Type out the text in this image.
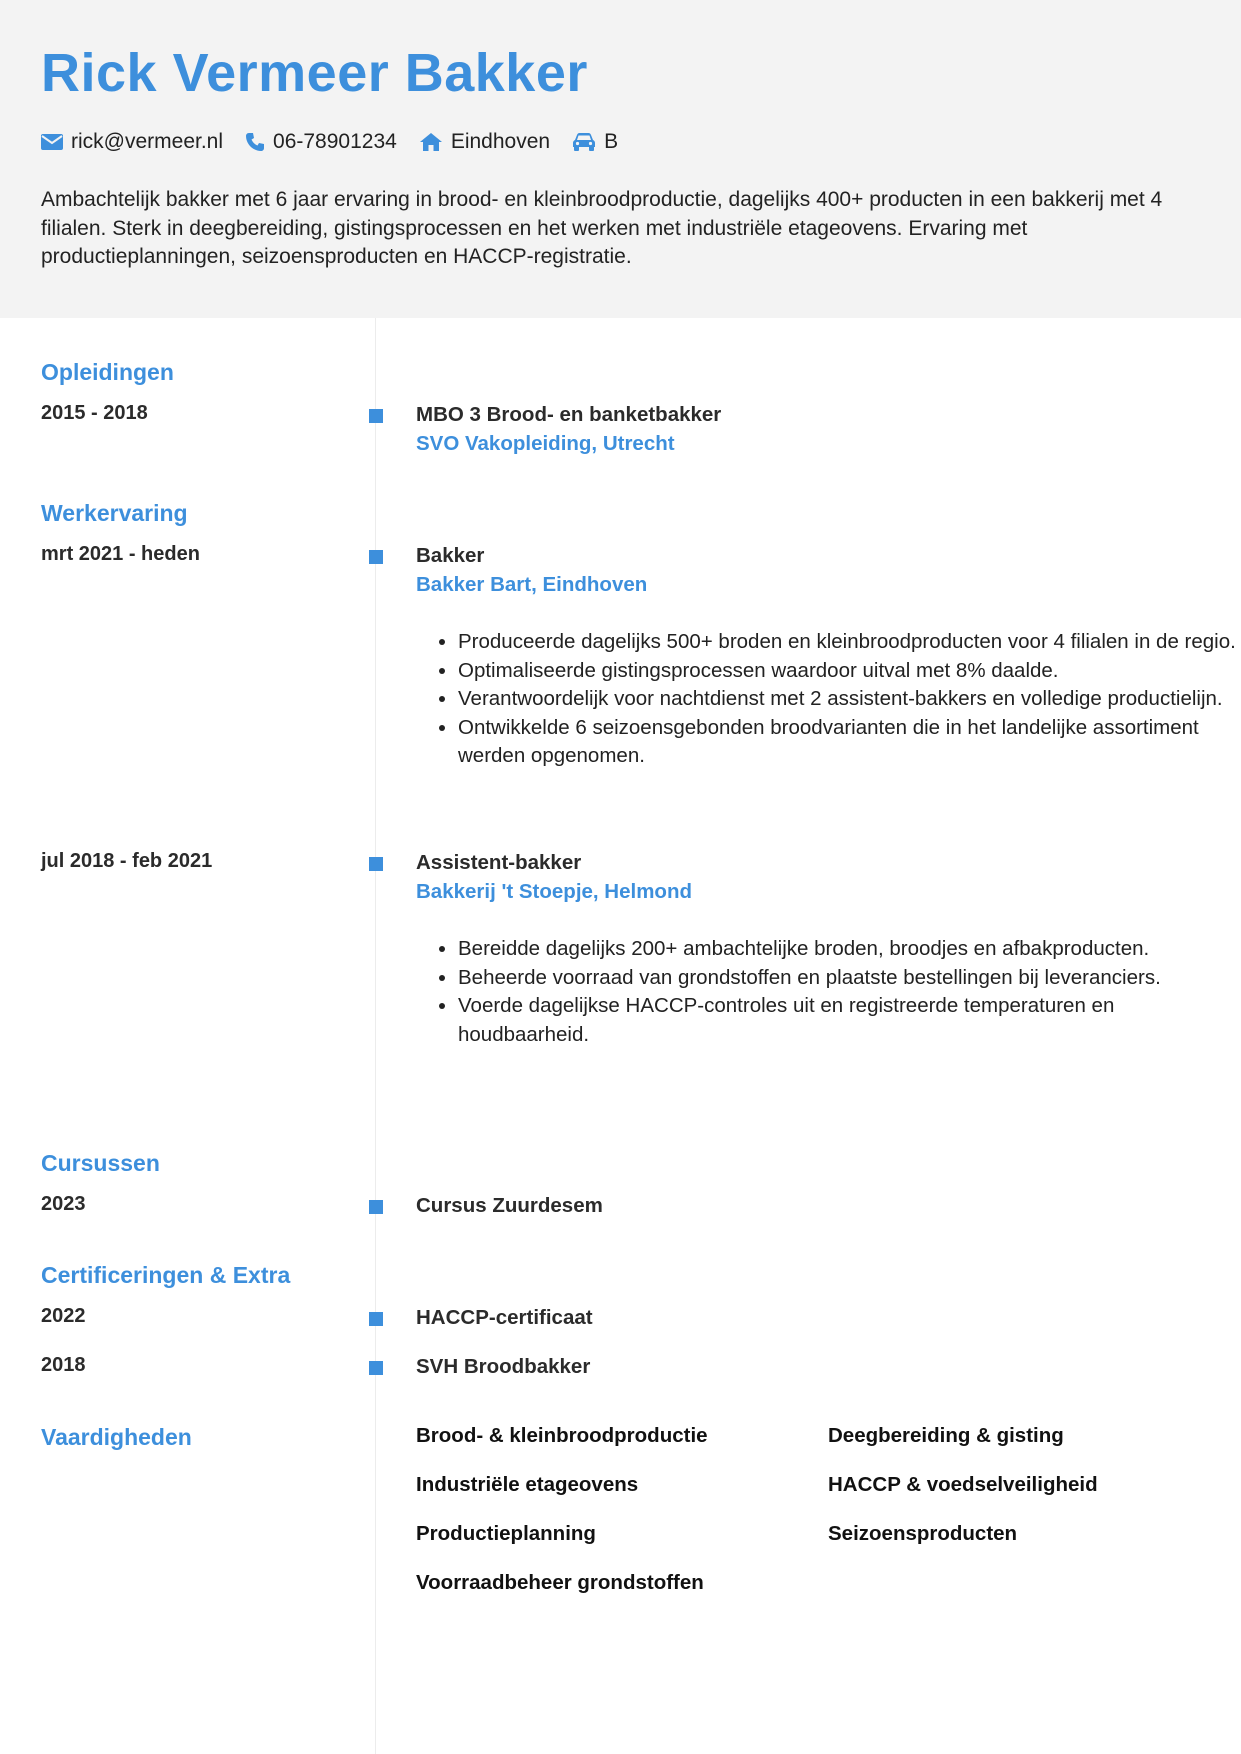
Rick Vermeer Bakker
rick@vermeer.nl 06-78901234	Eindhoven	B

Ambachtelijk bakker met 6 jaar ervaring in brood- en kleinbroodproductie, dagelijks 400+ producten in een bakkerij met 4 filialen. Sterk in deegbereiding, gistingsprocessen en het werken met industriële etageovens. Ervaring met productieplanningen, seizoensproducten en HACCP-registratie.

Opleidingen
2015 - 2018	MBO 3 Brood- en banketbakker
SVO Vakopleiding, Utrecht
Werkervaring
mrt 2021 - heden	Bakker
Bakker Bart, Eindhoven
• Produceerde dagelijks 500+ broden en kleinbroodproducten voor 4 filialen in de regio.
• Optimaliseerde gistingsprocessen waardoor uitval met 8% daalde.
• Verantwoordelijk voor nachtdienst met 2 assistent-bakkers en volledige productielijn.
• Ontwikkelde 6 seizoensgebonden broodvarianten die in het landelijke assortiment werden opgenomen.
jul 2018 - feb 2021	Assistent-bakker
Bakkerij 't Stoepje, Helmond
• Bereidde dagelijks 200+ ambachtelijke broden, broodjes en afbakproducten.
• Beheerde voorraad van grondstoffen en plaatste bestellingen bij leveranciers.
• Voerde dagelijkse HACCP-controles uit en registreerde temperaturen en houdbaarheid.
Cursussen
2023	Cursus Zuurdesem
Certificeringen & Extra
2022	HACCP-certificaat
2018	SVH Broodbakker
Vaardigheden	Brood- & kleinbroodproductie	Deegbereiding & gisting
Industriële etageovens	HACCP & voedselveiligheid
Productieplanning	Seizoensproducten
Voorraadbeheer grondstoffen
